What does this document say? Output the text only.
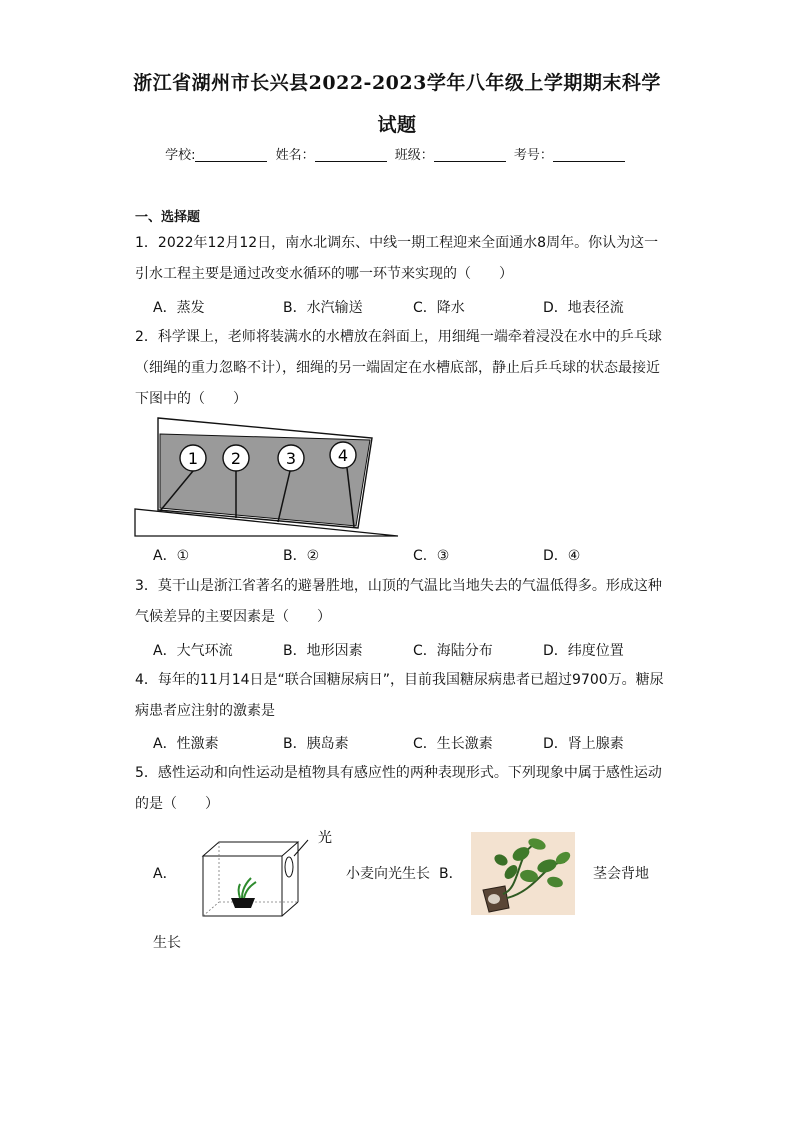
浙江省湖州市长兴县2022-2023学年八年级上学期期末科学
试题
学校:	姓名：	班级：	考号：
一、选择题
1．2022年12月12日，南水北调东、中线一期工程迎来全面通水8周年。你认为这一
引水工程主要是通过改变水循环的哪一环节来实现的（　　）
A．蒸发	B．水汽输送	C．降水	D．地表径流
2．科学课上，老师将装满水的水槽放在斜面上，用细绳一端牵着浸没在水中的乒乓球
（细绳的重力忽略不计），细绳的另一端固定在水槽底部，静止后乒乓球的状态最接近
下图中的（　　）
1 2	3	4
A．①	B．②	C．③	D．④
3．莫干山是浙江省著名的避暑胜地，山顶的气温比当地失去的气温低得多。形成这种
气候差异的主要因素是（　　）
A．大气环流	B．地形因素	C．海陆分布	D．纬度位置
4．每年的11月14日是“联合国糖尿病日”，目前我国糖尿病患者已超过9700万。糖尿
病患者应注射的激素是
A．性激素	B．胰岛素	C．生长激素	D．肾上腺素
5．感性运动和向性运动是植物具有感应性的两种表现形式。下列现象中属于感性运动
的是（　　）
A．
光
小麦向光生长 B．	茎会背地
生长
